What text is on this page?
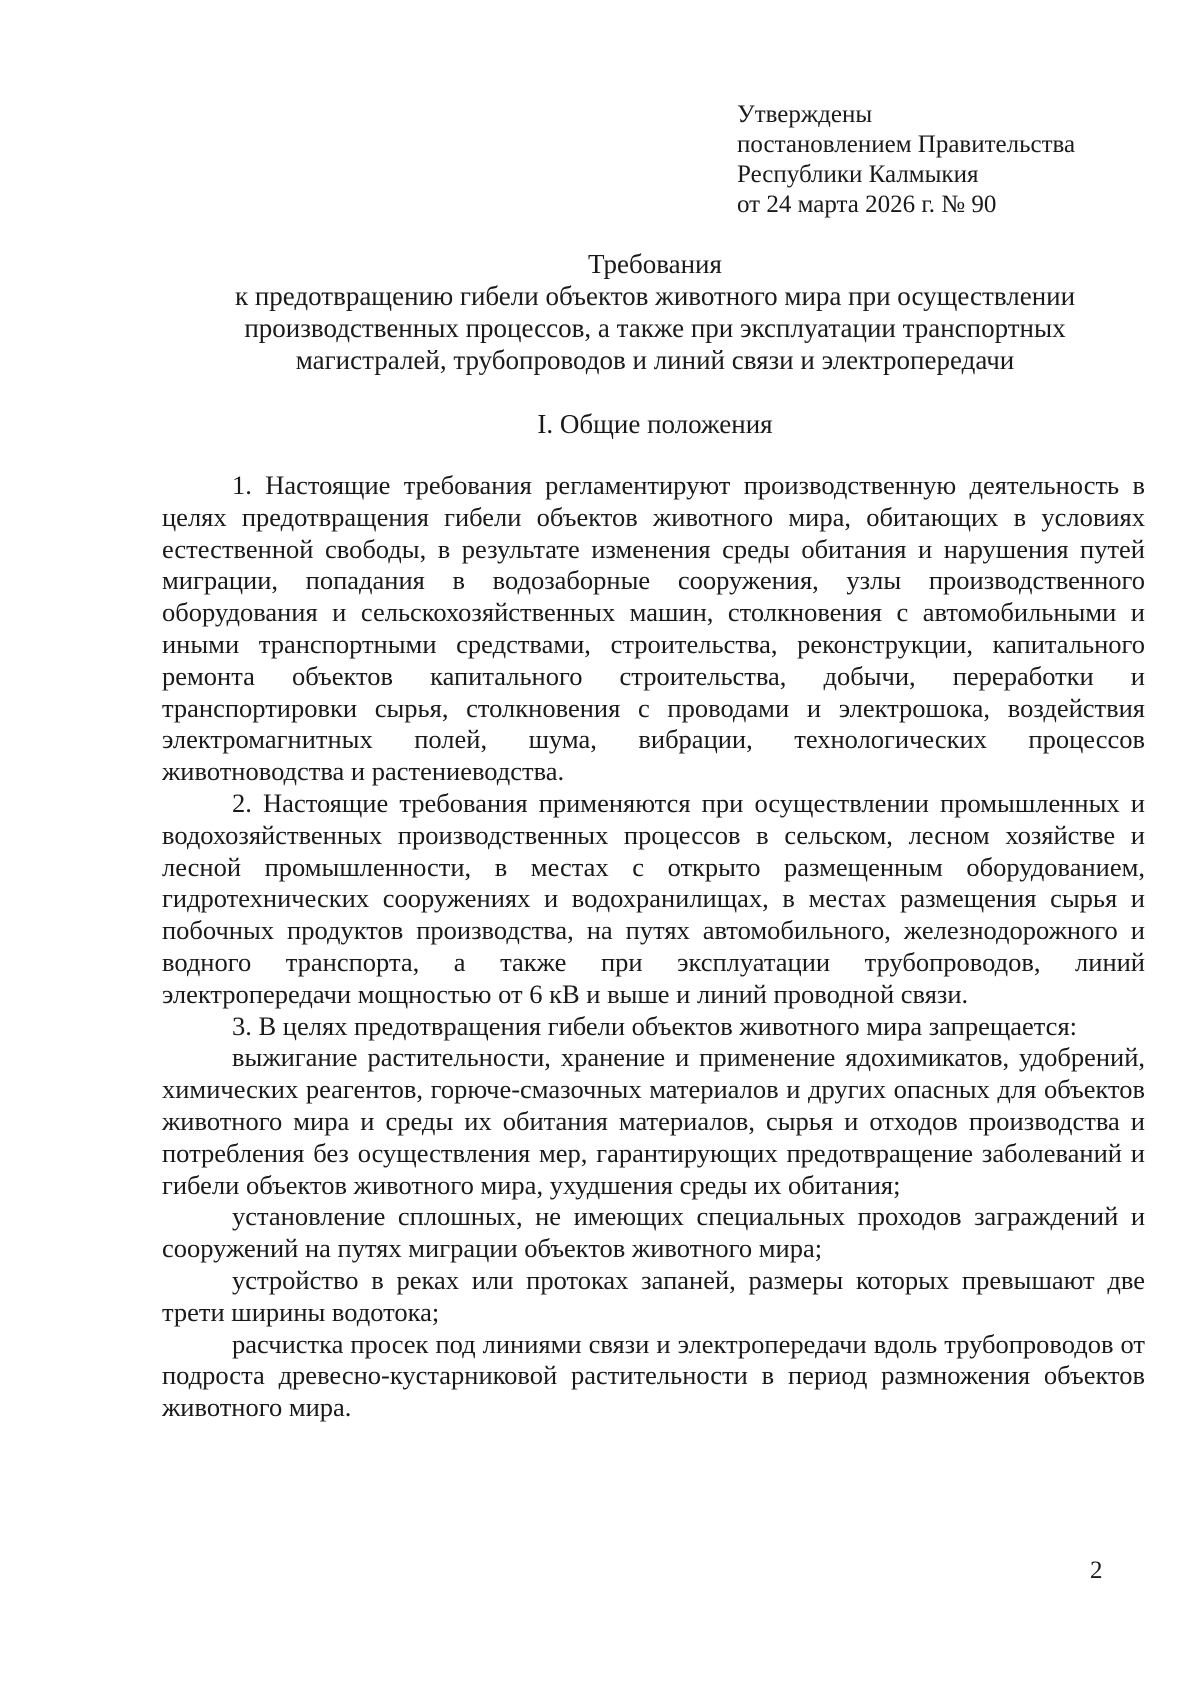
Утверждены
постановлением Правительства
Республики Калмыкия
от 24 марта 2026 г. № 90
Требования
к предотвращению гибели объектов животного мира при осуществлении
производственных процессов, а также при эксплуатации транспортных
магистралей, трубопроводов и линий связи и электропередачи
I. Общие положения

1. Настоящие требования регламентируют производственную деятельность в целях предотвращения гибели объектов животного мира, обитающих в условиях естественной свободы, в результате изменения среды обитания и нарушения путей миграции, попадания в водозаборные сооружения, узлы производственного оборудования и сельскохозяйственных машин, столкновения с автомобильными и иными транспортными средствами, строительства, реконструкции, капитального ремонта объектов капитального строительства, добычи, переработки и транспортировки сырья, столкновения с проводами и электрошока, воздействия электромагнитных полей, шума, вибрации, технологических процессов животноводства и растениеводства.

2. Настоящие требования применяются при осуществлении промышленных и водохозяйственных производственных процессов в сельском, лесном хозяйстве и лесной промышленности, в местах с открыто размещенным оборудованием, гидротехнических сооружениях и водохранилищах, в местах размещения сырья и побочных продуктов производства, на путях автомобильного, железнодорожного и водного транспорта, а также при эксплуатации трубопроводов, линий электропередачи мощностью от 6 кВ и выше и линий проводной связи.

3. В целях предотвращения гибели объектов животного мира запрещается:

выжигание растительности, хранение и применение ядохимикатов, удобрений, химических реагентов, горюче-смазочных материалов и других опасных для объектов животного мира и среды их обитания материалов, сырья и отходов производства и потребления без осуществления мер, гарантирующих предотвращение заболеваний и гибели объектов животного мира, ухудшения среды их обитания;

установление сплошных, не имеющих специальных проходов заграждений и сооружений на путях миграции объектов животного мира;

устройство в реках или протоках запаней, размеры которых превышают две трети ширины водотока;

расчистка просек под линиями связи и электропередачи вдоль трубопроводов от подроста древесно-кустарниковой растительности в период размножения объектов животного мира.

2
